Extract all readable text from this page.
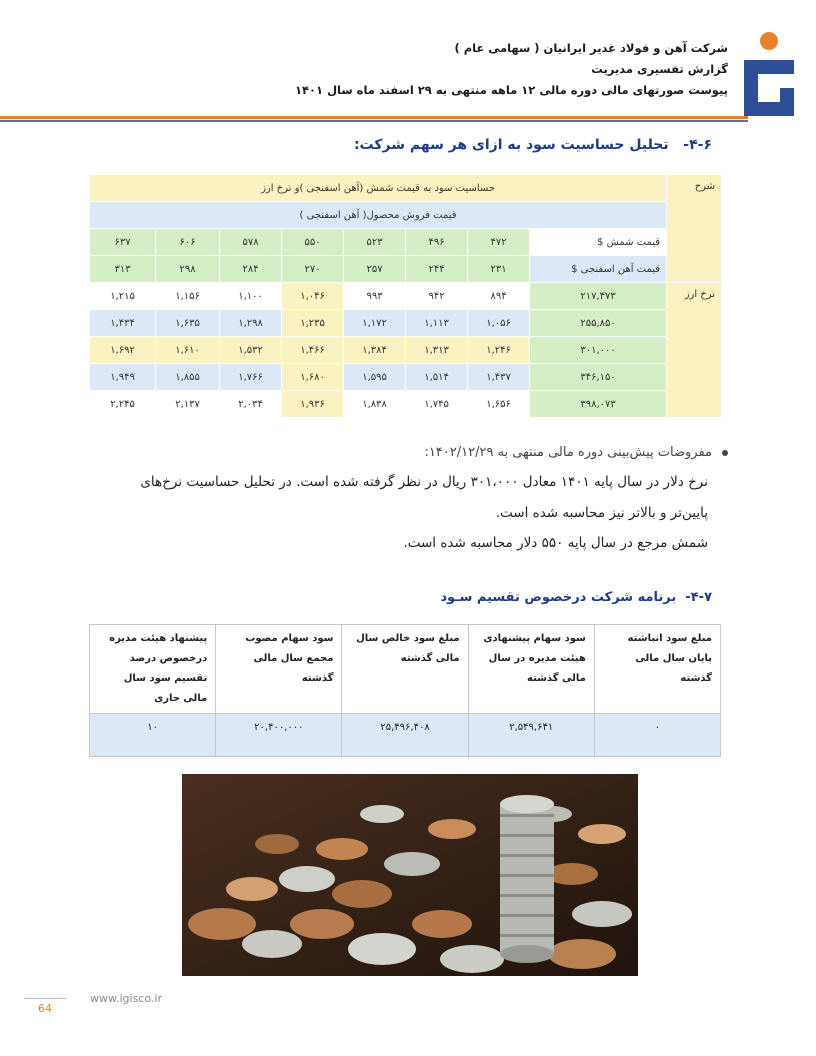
شرکت آهن و فولاد غدیر ایرانیان ( سهامی عام )
گزارش تفسیری مدیریت
پیوست صورتهای مالی دوره مالی ۱۲ ماهه منتهی به ۲۹ اسفند ماه سال ۱۴۰۱
۴-۶-   تحلیل حساسیت سود به ازای هر سهم شرکت:
شرح	حساسیت سود به قیمت شمش (آهن اسفنجی )و نرخ ارز							
	قیمت فروش محصول( آهن اسفنجی )							
	قیمت شمش $	۴۷۲	۴۹۶	۵۲۳	۵۵۰	۵۷۸	۶۰۶	۶۳۷
	قیمت آهن اسفنجی $	۲۳۱	۲۴۴	۲۵۷	۲۷۰	۲۸۴	۲۹۸	۳۱۳
نرخ ارز	۲۱۷,۴۷۳	۸۹۴	۹۴۲	۹۹۳	۱,۰۴۶	۱,۱۰۰	۱,۱۵۶	۱,۲۱۵
	۲۵۵,۸۵۰	۱,۰۵۶	۱,۱۱۳	۱,۱۷۲	۱,۲۳۵	۱,۲۹۸	۱,۶۳۵	۱,۴۳۴
	۳۰۱,۰۰۰	۱,۲۴۶	۱,۳۱۳	۱,۳۸۴	۱,۴۶۶	۱,۵۳۲	۱,۶۱۰	۱,۶۹۲
	۳۴۶,۱۵۰	۱,۴۳۷	۱,۵۱۴	۱,۵۹۵	۱,۶۸۰	۱,۷۶۶	۱,۸۵۵	۱,۹۴۹
	۳۹۸,۰۷۳	۱,۶۵۶	۱,۷۴۵	۱,۸۳۸	۱,۹۳۶	۲,۰۳۴	۲,۱۳۷	۲,۲۴۵
مفروضات پیش‌بینی دوره مالی منتهی به ۱۴۰۲/۱۲/۲۹:
نرخ دلار در سال پایه ۱۴۰۱ معادل ۳۰۱،۰۰۰ ریال در نظر گرفته شده است. در تحلیل حساسیت نرخ‌های
پایین‌تر و بالاتر نیز محاسبه شده است.
شمش مرجع در سال پایه ۵۵۰ دلار محاسبه شده است.
۴-۷-  برنامه شرکت درخصوص تقسیم سـود
مبلغ سود انباشته پایان سال مالی گذشته	سود سهام پیشنهادی هیئت مدیره در سال مالی گذشته	مبلغ سود خالص سال مالی گذشته	سود سهام مصوب مجمع سال مالی گذشته	پیشنهاد هیئت مدیره درخصوص درصد تقسیم سود سال مالی جاری
۰	۲,۵۴۹,۶۴۱	۲۵,۴۹۶,۴۰۸	۲۰,۴۰۰,۰۰۰	۱۰
64
www.igisco.ir
